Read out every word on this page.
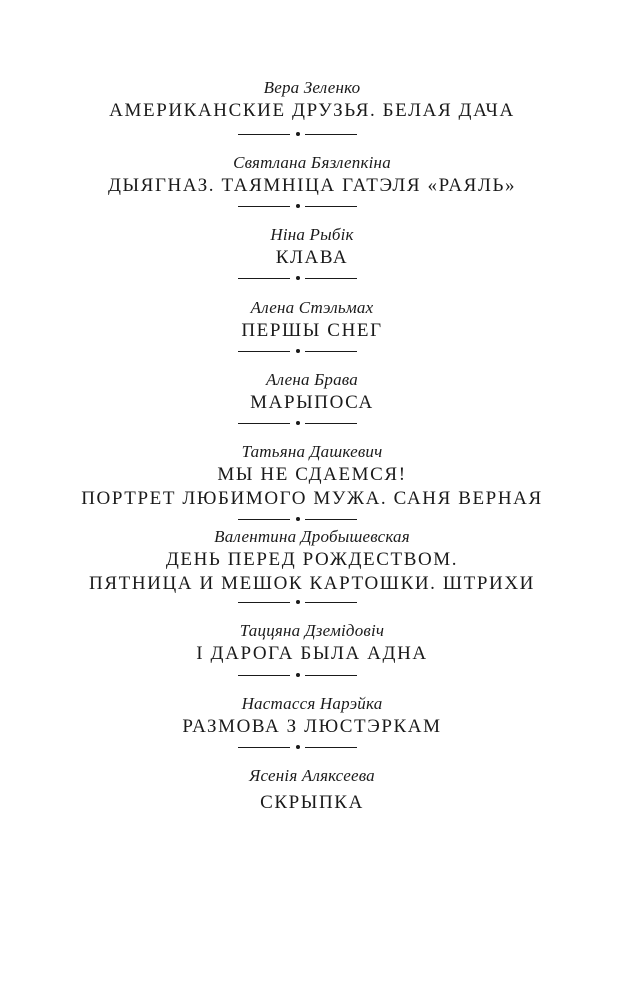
Вера Зеленко
АМЕРИКАНСКИЕ ДРУЗЬЯ. БЕЛАЯ ДАЧА
Святлана Бязлепкіна
ДЫЯГНАЗ. ТАЯМНІЦА ГАТЭЛЯ «РАЯЛЬ»
Ніна Рыбік
КЛАВА
Алена Стэльмах
ПЕРШЫ СНЕГ
Алена Брава
МАРЫПОСА
Татьяна Дашкевич
МЫ НЕ СДАЕМСЯ!
ПОРТРЕТ ЛЮБИМОГО МУЖА. САНЯ ВЕРНАЯ
Валентина Дробышевская
ДЕНЬ ПЕРЕД РОЖДЕСТВОМ.
ПЯТНИЦА И МЕШОК КАРТОШКИ. ШТРИХИ
Таццяна Дземідовіч
І ДАРОГА БЫЛА АДНА
Настасся Нарэйка
РАЗМОВА З ЛЮСТЭРКАМ
Ясенія Аляксеева
СКРЫПКА
